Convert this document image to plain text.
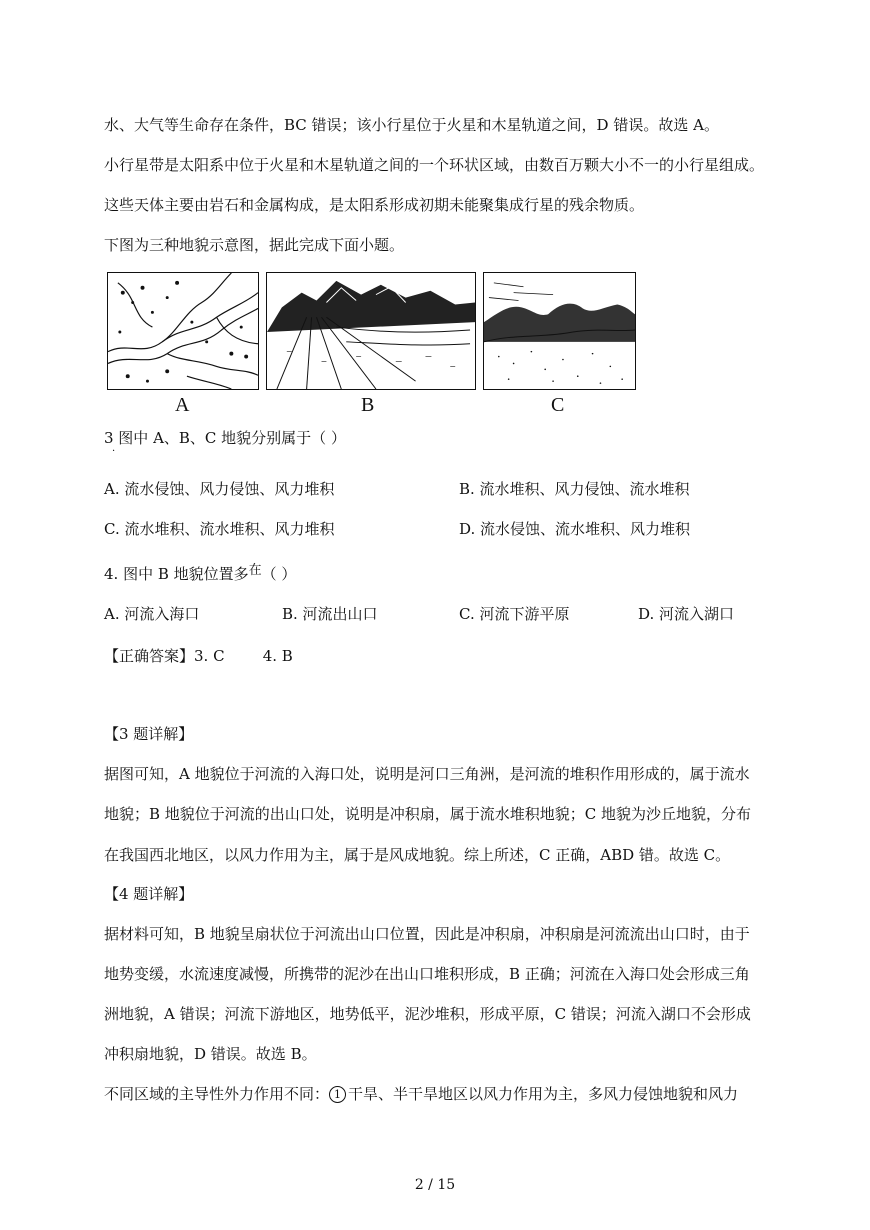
水、大气等生命存在条件，BC 错误；该小行星位于火星和木星轨道之间，D 错误。故选 A。
小行星带是太阳系中位于火星和木星轨道之间的一个环状区域，由数百万颗大小不一的小行星组成。
这些天体主要由岩石和金属构成，是太阳系形成初期未能聚集成行星的残余物质。
下图为三种地貌示意图，据此完成下面小题。
A	B	C
3 图中 A、B、C 地貌分别属于（ ）
·
A. 流水侵蚀、风力侵蚀、风力堆积	B. 流水堆积、风力侵蚀、流水堆积
C. 流水堆积、流水堆积、风力堆积	D. 流水侵蚀、流水堆积、风力堆积
4. 图中 B 地貌位置多在（ ）
A. 河流入海口	B. 河流出山口	C. 河流下游平原	D. 河流入湖口
【正确答案】3. C        4. B
【3 题详解】
据图可知，A 地貌位于河流的入海口处，说明是河口三角洲，是河流的堆积作用形成的，属于流水
地貌；B 地貌位于河流的出山口处，说明是冲积扇，属于流水堆积地貌；C 地貌为沙丘地貌，分布
在我国西北地区，以风力作用为主，属于是风成地貌。综上所述，C 正确，ABD 错。故选 C。
【4 题详解】
据材料可知，B 地貌呈扇状位于河流出山口位置，因此是冲积扇，冲积扇是河流流出山口时，由于
地势变缓，水流速度减慢，所携带的泥沙在出山口堆积形成，B 正确；河流在入海口处会形成三角
洲地貌，A 错误；河流下游地区，地势低平，泥沙堆积，形成平原，C 错误；河流入湖口不会形成
冲积扇地貌，D 错误。故选 B。
不同区域的主导性外力作用不同： 1 干旱、半干旱地区以风力作用为主，多风力侵蚀地貌和风力
2 / 15
